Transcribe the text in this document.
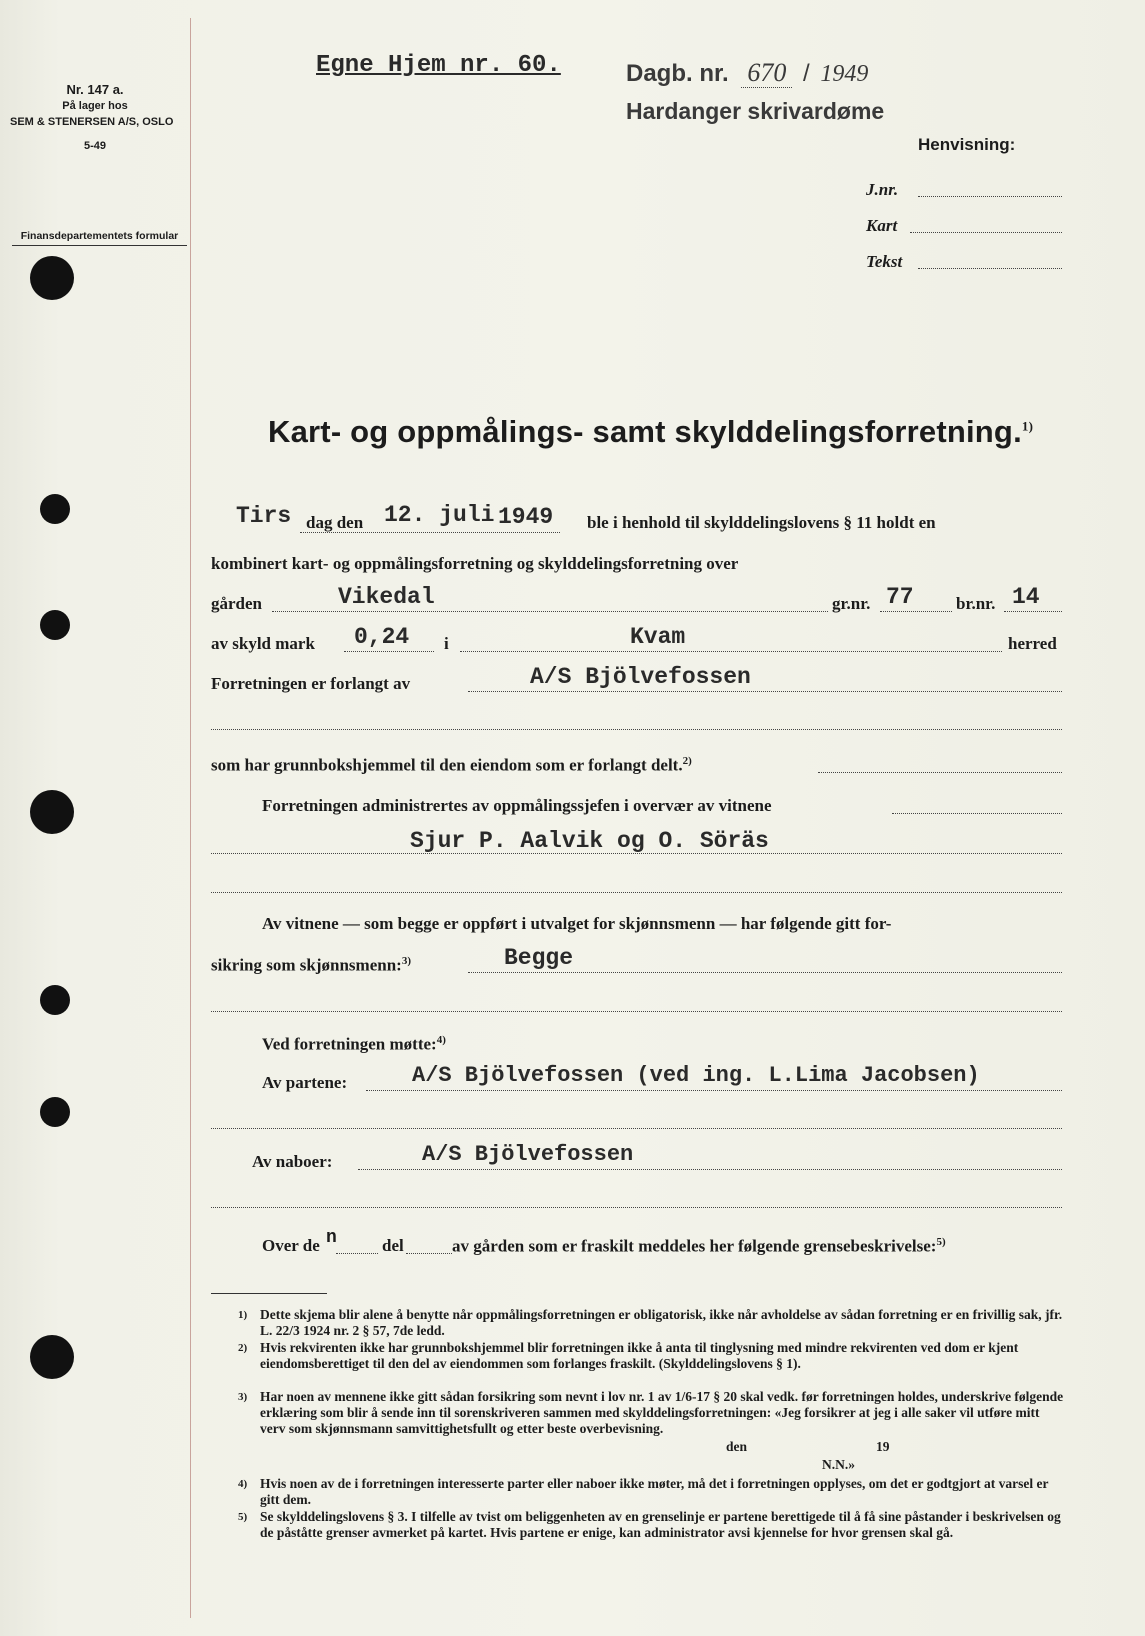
Nr. 147 a.
På lager hos
SEM & STENERSEN A/S, OSLO
5-49
Finansdepartementets formular
Egne Hjem nr. 60.	Dagb. nr. 670 / 1949
Hardanger skrivardøme
Henvisning:
J.nr.
Kart
Tekst
Kart- og oppmålings- samt skylddelingsforretning.$^{1)}$
Tirs dag den 12. juli 1949 ble i henhold til skylddelingslovens § 11 holdt en
kombinert kart- og oppmålingsforretning og skylddelingsforretning over
gården	Vikedal	gr.nr. 77 br.nr. 14
av skyld mark 0,24 i	Kvam	herred
Forretningen er forlangt av	A/S Bjölvefossen
som har grunnbokshjemmel til den eiendom som er forlangt delt.$^{2)}$
Forretningen administrertes av oppmålingssjefen i overvær av vitnene
Sjur P. Aalvik og O. Söräs
Av vitnene — som begge er oppført i utvalget for skjønnsmenn — har følgende gitt for-
sikring som skjønnsmenn:$^{3)}$	Begge
Ved forretningen møtte:$^{4)}$
Av partene:	A/S Bjölvefossen (ved ing. L.Lima Jacobsen)
Av naboer:	A/S Bjölvefossen
Over de n	del	av gården som er fraskilt meddeles her følgende grensebeskrivelse:$^{5)}$
1) Dette skjema blir alene å benytte når oppmålingsforretningen er obligatorisk, ikke når avholdelse av sådan forretning er en frivillig sak, jfr. L. 22/3 1924 nr. 2 § 57, 7de ledd.
2) Hvis rekvirenten ikke har grunnbokshjemmel blir forretningen ikke å anta til tinglysning med mindre rekvirenten ved dom er kjent eiendomsberettiget til den del av eiendommen som forlanges fraskilt. (Skylddelingslovens § 1).
3) Har noen av mennene ikke gitt sådan forsikring som nevnt i lov nr. 1 av 1/6-17 § 20 skal vedk. før forretningen holdes, underskrive følgende erklæring som blir å sende inn til sorenskriveren sammen med skylddelingsforretningen: «Jeg forsikrer at jeg i alle saker vil utføre mitt verv som skjønnsmann samvittighetsfullt og etter beste overbevisning.
den	19
N.N.»
4) Hvis noen av de i forretningen interesserte parter eller naboer ikke møter, må det i forretningen opplyses, om det er godtgjort at varsel er gitt dem.
5) Se skylddelingslovens § 3. I tilfelle av tvist om beliggenheten av en grenselinje er partene berettigede til å få sine påstander i beskrivelsen og de påståtte grenser avmerket på kartet. Hvis partene er enige, kan administrator avsi kjennelse for hvor grensen skal gå.
